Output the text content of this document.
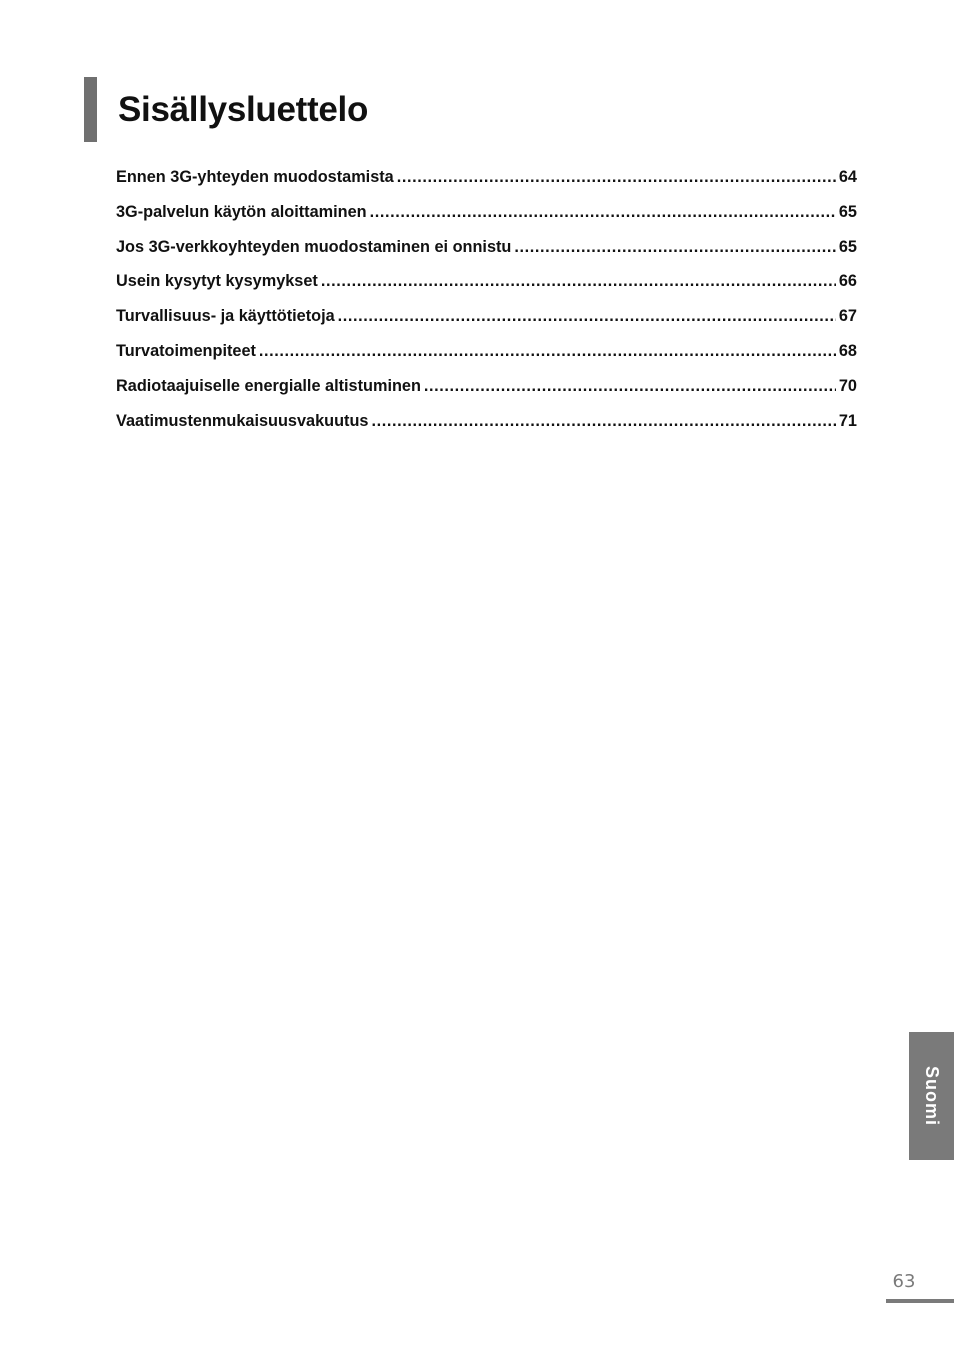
Sisällysluettelo
Ennen 3G-yhteyden muodostamista .....	64
3G-palvelun käytön aloittaminen .....	65
Jos 3G-verkkoyhteyden muodostaminen ei onnistu .....	65
Usein kysytyt kysymykset .....	66
Turvallisuus- ja käyttötietoja .....	67
Turvatoimenpiteet .....	68
Radiotaajuiselle energialle altistuminen .....	70
Vaatimustenmukaisuusvakuutus .....	71
Suomi
63
